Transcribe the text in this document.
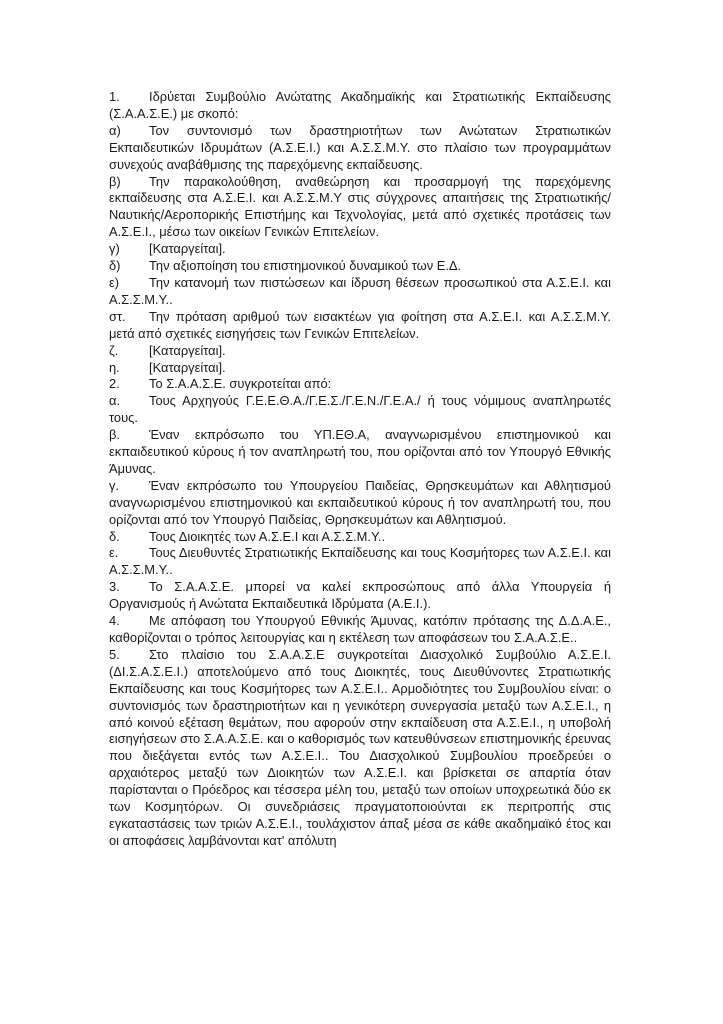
1. Ιδρύεται Συμβούλιο Ανώτατης Ακαδημαϊκής και Στρατιωτικής Εκπαίδευσης (Σ.Α.Α.Σ.Ε.) με σκοπό:

α) Τον συντονισμό των δραστηριοτήτων των Ανώτατων Στρατιωτικών Εκπαιδευτικών Ιδρυμάτων (Α.Σ.Ε.Ι.) και Α.Σ.Σ.Μ.Υ. στο πλαίσιο των προγραμμάτων συνεχούς αναβάθμισης της παρεχόμενης εκπαίδευσης.

β) Την παρακολούθηση, αναθεώρηση και προσαρμογή της παρεχόμενης εκπαίδευσης στα Α.Σ.Ε.Ι. και Α.Σ.Σ.Μ.Υ στις σύγχρονες απαιτήσεις της Στρατιωτικής/Ναυτικής/Αεροπορικής Επιστήμης και Τεχνολογίας, μετά από σχετικές προτάσεις των Α.Σ.Ε.Ι., μέσω των οικείων Γενικών Επιτελείων.

γ) [Καταργείται].

δ) Την αξιοποίηση του επιστημονικού δυναμικού των Ε.Δ.

ε) Την κατανομή των πιστώσεων και ίδρυση θέσεων προσωπικού στα Α.Σ.Ε.Ι. και Α.Σ.Σ.Μ.Υ..

στ. Την πρόταση αριθμού των εισακτέων για φοίτηση στα Α.Σ.Ε.Ι. και Α.Σ.Σ.Μ.Υ. μετά από σχετικές εισηγήσεις των Γενικών Επιτελείων.

ζ. [Καταργείται].

η. [Καταργείται].

2. Το Σ.Α.Α.Σ.Ε. συγκροτείται από:

α. Τους Αρχηγούς Γ.Ε.Ε.Θ.Α./Γ.Ε.Σ./Γ.Ε.Ν./Γ.Ε.Α./ ή τους νόμιμους αναπληρωτές τους.

β. Έναν εκπρόσωπο του ΥΠ.ΕΘ.Α, αναγνωρισμένου επιστημονικού και εκπαιδευτικού κύρους ή τον αναπληρωτή του, που ορίζονται από τον Υπουργό Εθνικής Άμυνας.

γ. Έναν εκπρόσωπο του Υπουργείου Παιδείας, Θρησκευμάτων και Αθλητισμού αναγνωρισμένου επιστημονικού και εκπαιδευτικού κύρους ή τον αναπληρωτή του, που ορίζονται από τον Υπουργό Παιδείας, Θρησκευμάτων και Αθλητισμού.

δ. Τους Διοικητές των Α.Σ.Ε.Ι και Α.Σ.Σ.Μ.Υ..

ε. Τους Διευθυντές Στρατιωτικής Εκπαίδευσης και τους Κοσμήτορες των Α.Σ.Ε.Ι. και Α.Σ.Σ.Μ.Υ..

3. Το Σ.Α.Α.Σ.Ε. μπορεί να καλεί εκπροσώπους από άλλα Υπουργεία ή Οργανισμούς ή Ανώτατα Εκπαιδευτικά Ιδρύματα (Α.Ε.Ι.).

4. Με απόφαση του Υπουργού Εθνικής Άμυνας, κατόπιν πρότασης της Δ.Δ.Α.Ε., καθορίζονται ο τρόπος λειτουργίας και η εκτέλεση των αποφάσεων του Σ.Α.Α.Σ.Ε..

5. Στο πλαίσιο του Σ.Α.Α.Σ.Ε συγκροτείται Διασχολικό Συμβούλιο Α.Σ.Ε.Ι. (ΔΙ.Σ.Α.Σ.Ε.Ι.) αποτελούμενο από τους Διοικητές, τους Διευθύνοντες Στρατιωτικής Εκπαίδευσης και τους Κοσμήτορες των Α.Σ.Ε.Ι.. Αρμοδιότητες του Συμβουλίου είναι: ο συντονισμός των δραστηριοτήτων και η γενικότερη συνεργασία μεταξύ των Α.Σ.Ε.Ι., η από κοινού εξέταση θεμάτων, που αφορούν στην εκπαίδευση στα Α.Σ.Ε.Ι., η υποβολή εισηγήσεων στο Σ.Α.Α.Σ.Ε. και ο καθορισμός των κατευθύνσεων επιστημονικής έρευνας που διεξάγεται εντός των Α.Σ.Ε.Ι.. Του Διασχολικού Συμβουλίου προεδρεύει ο αρχαιότερος μεταξύ των Διοικητών των Α.Σ.Ε.Ι. και βρίσκεται σε απαρτία όταν παρίστανται ο Πρόεδρος και τέσσερα μέλη του, μεταξύ των οποίων υποχρεωτικά δύο εκ των Κοσμητόρων. Οι συνεδριάσεις πραγματοποιούνται εκ περιτροπής στις εγκαταστάσεις των τριών Α.Σ.Ε.Ι., τουλάχιστον άπαξ μέσα σε κάθε ακαδημαϊκό έτος και οι αποφάσεις λαμβάνονται κατ' απόλυτη
